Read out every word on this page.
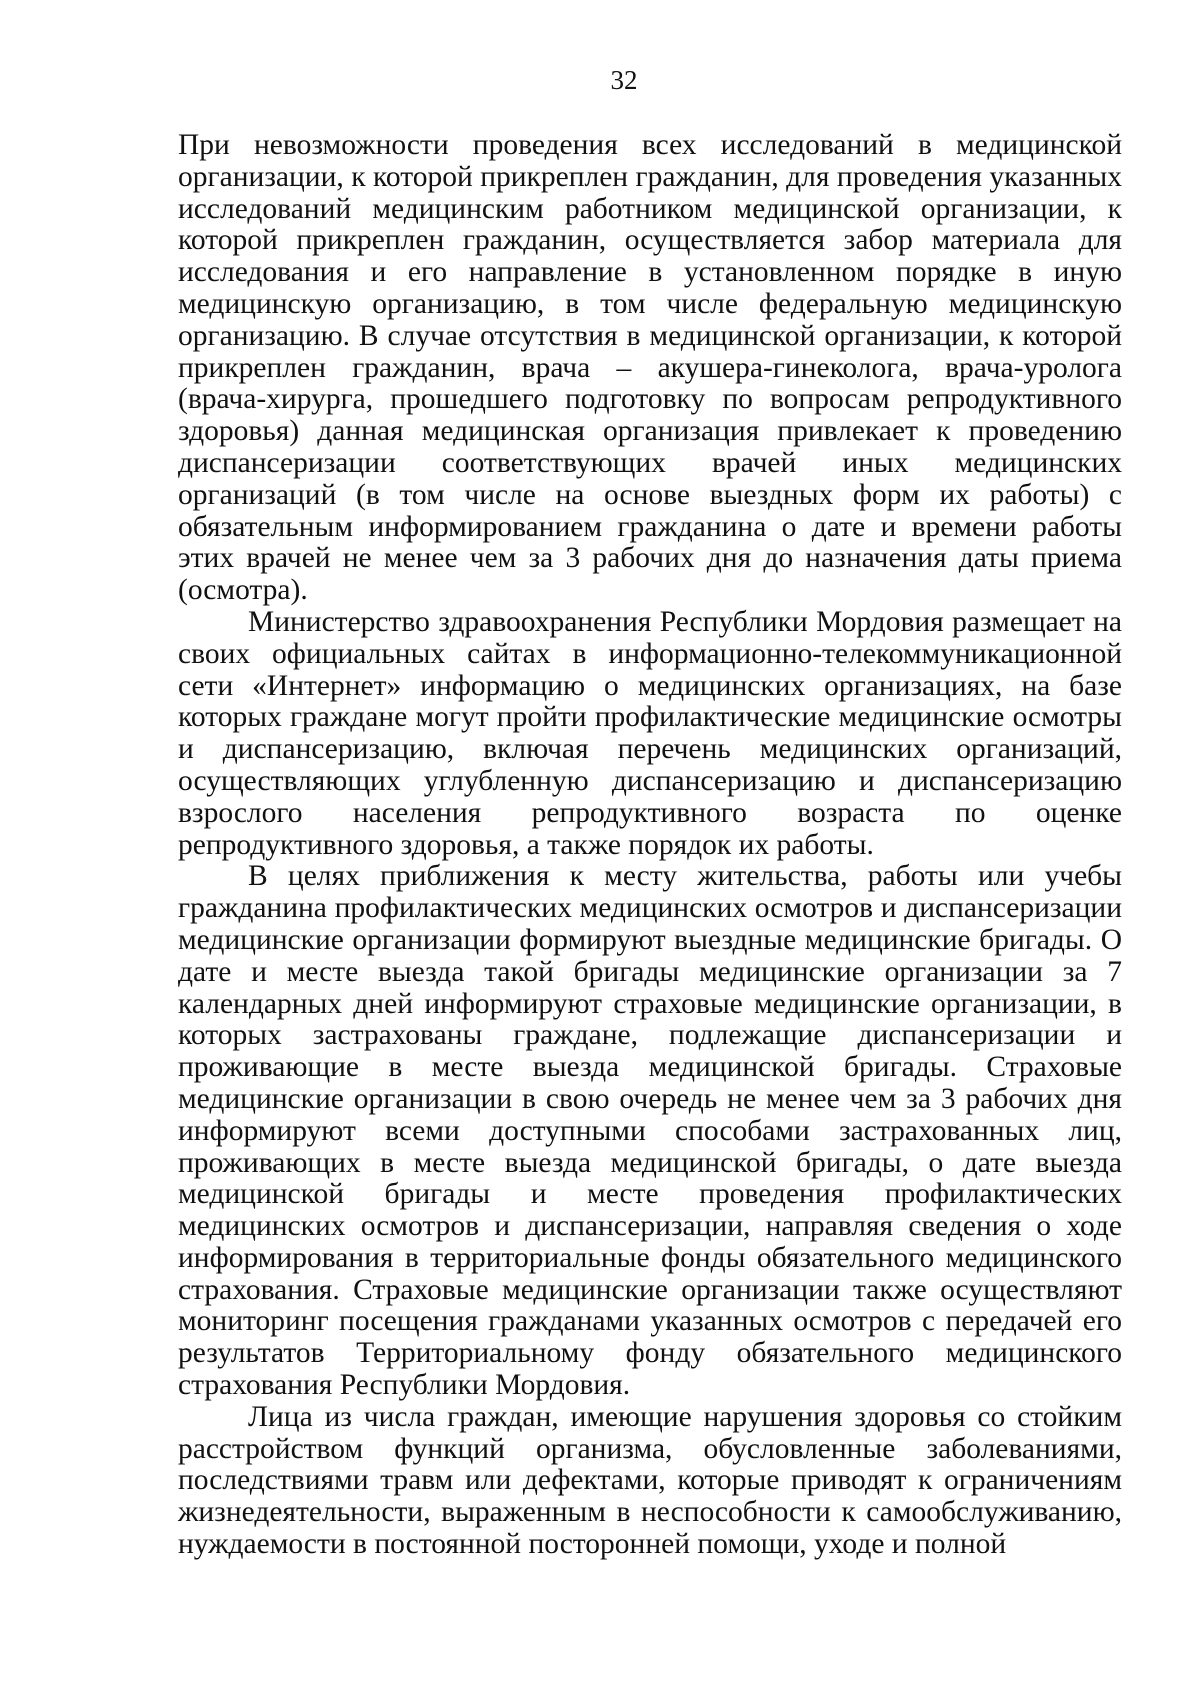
32

При невозможности проведения всех исследований в медицинской организации, к которой прикреплен гражданин, для проведения указанных исследований медицинским работником медицинской организации, к которой прикреплен гражданин, осуществляется забор материала для исследования и его направление в установленном порядке в иную медицинскую организацию, в том числе федеральную медицинскую организацию. В случае отсутствия в медицинской организации, к которой прикреплен гражданин, врача – акушера-гинеколога, врача-уролога (врача-хирурга, прошедшего подготовку по вопросам репродуктивного здоровья) данная медицинская организация привлекает к проведению диспансеризации соответствующих врачей иных медицинских организаций (в том числе на основе выездных форм их работы) с обязательным информированием гражданина о дате и времени работы этих врачей не менее чем за 3 рабочих дня до назначения даты приема (осмотра).

Министерство здравоохранения Республики Мордовия размещает на своих официальных сайтах в информационно-телекоммуникационной сети «Интернет» информацию о медицинских организациях, на базе которых граждане могут пройти профилактические медицинские осмотры и диспансеризацию, включая перечень медицинских организаций, осуществляющих углубленную диспансеризацию и диспансеризацию взрослого населения репродуктивного возраста по оценке репродуктивного здоровья, а также порядок их работы.

В целях приближения к месту жительства, работы или учебы гражданина профилактических медицинских осмотров и диспансеризации медицинские организации формируют выездные медицинские бригады. О дате и месте выезда такой бригады медицинские организации за 7 календарных дней информируют страховые медицинские организации, в которых застрахованы граждане, подлежащие диспансеризации и проживающие в месте выезда медицинской бригады. Страховые медицинские организации в свою очередь не менее чем за 3 рабочих дня информируют всеми доступными способами застрахованных лиц, проживающих в месте выезда медицинской бригады, о дате выезда медицинской бригады и месте проведения профилактических медицинских осмотров и диспансеризации, направляя сведения о ходе информирования в территориальные фонды обязательного медицинского страхования. Страховые медицинские организации также осуществляют мониторинг посещения гражданами указанных осмотров с передачей его результатов Территориальному фонду обязательного медицинского страхования Республики Мордовия.

Лица из числа граждан, имеющие нарушения здоровья со стойким расстройством функций организма, обусловленные заболеваниями, последствиями травм или дефектами, которые приводят к ограничениям жизнедеятельности, выраженным в неспособности к самообслуживанию, нуждаемости в постоянной посторонней помощи, уходе и полной
